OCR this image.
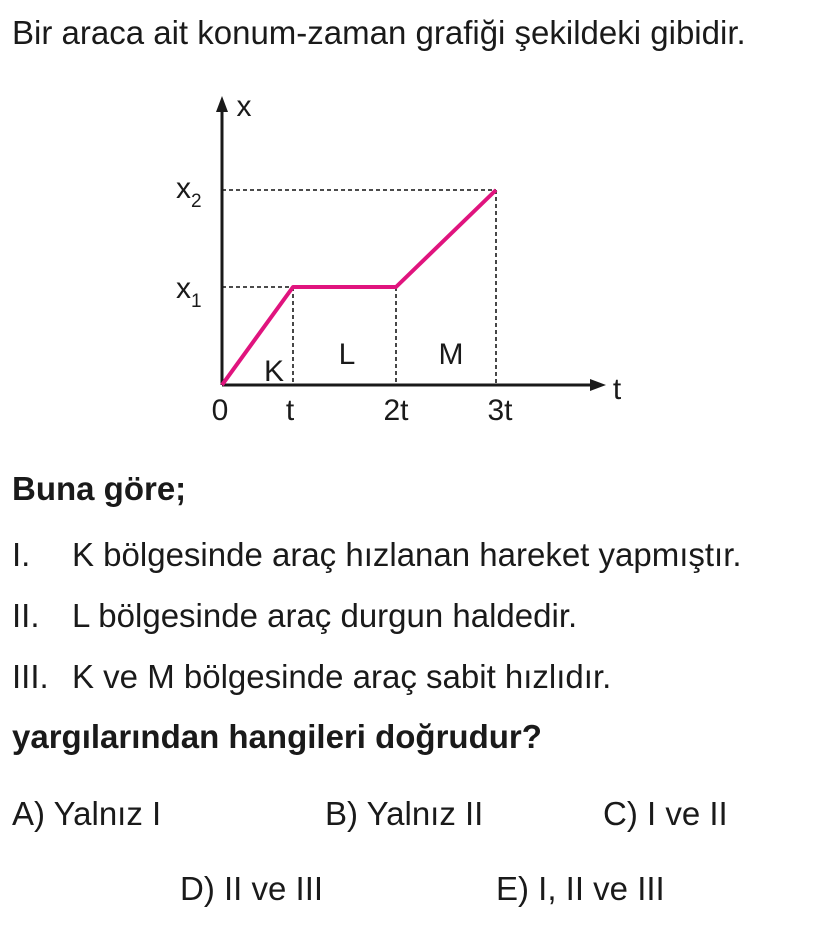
Bir araca ait konum-zaman grafiği şekildeki gibidir.
x
t
$x_2$
$x_1$
0 t	2t	3t
K
L	M
Buna göre;
I. K bölgesinde araç hızlanan hareket yapmıştır.
II. L bölgesinde araç durgun haldedir.
III. K ve M bölgesinde araç sabit hızlıdır.
yargılarından hangileri doğrudur?
A) Yalnız I	B) Yalnız II	C) I ve II
D) II ve III	E) I, II ve III
